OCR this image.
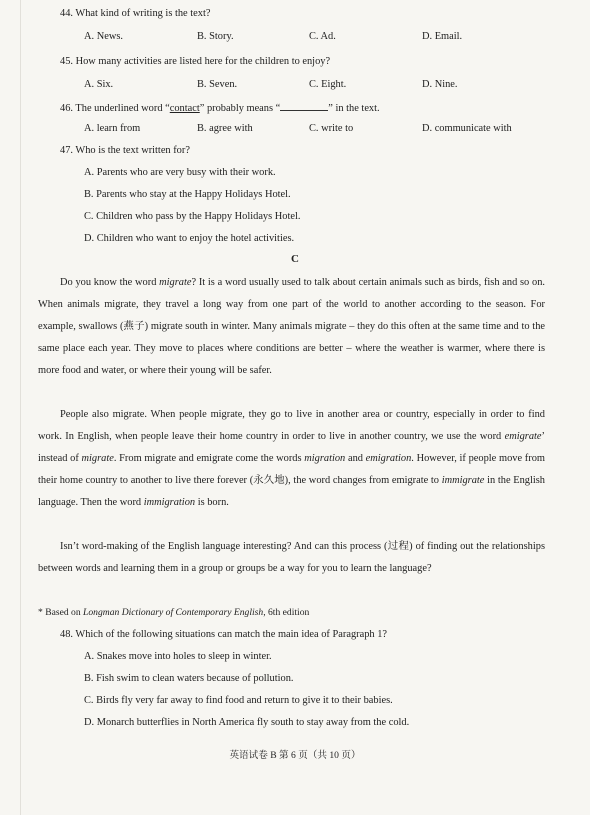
44. What kind of writing is the text?
A. News.	B. Story.	C. Ad.	D. Email.
45. How many activities are listed here for the children to enjoy?
A. Six.	B. Seven.	C. Eight.	D. Nine.
46. The underlined word “contact” probably means “	” in the text.
A. learn from	B. agree with	C. write to	D. communicate with
47. Who is the text written for?
A. Parents who are very busy with their work.
B. Parents who stay at the Happy Holidays Hotel.
C. Children who pass by the Happy Holidays Hotel.
D. Children who want to enjoy the hotel activities.
C
Do you know the word migrate? It is a word usually used to talk about certain animals such as birds, fish and so on. When animals migrate, they travel a long way from one part of the world to another according to the season. For example, swallows (燕子) migrate south in winter. Many animals migrate – they do this often at the same time and to the same place each year. They move to places where conditions are better – where the weather is warmer, where there is more food and water, or where their young will be safer.
People also migrate. When people migrate, they go to live in another area or country, especially in order to find work. In English, when people leave their home country in order to live in another country, we use the word emigrate’ instead of migrate. From migrate and emigrate come the words migration and emigration. However, if people move from their home country to another to live there forever (永久地), the word changes from emigrate to immigrate in the English language. Then the word immigration is born.
Isn’t word-making of the English language interesting? And can this process (过程) of finding out the relationships between words and learning them in a group or groups be a way for you to learn the language?
* Based on Longman Dictionary of Contemporary English, 6th edition
48. Which of the following situations can match the main idea of Paragraph 1?
A. Snakes move into holes to sleep in winter.
B. Fish swim to clean waters because of pollution.
C. Birds fly very far away to find food and return to give it to their babies.
D. Monarch butterflies in North America fly south to stay away from the cold.
英语试卷 B 第 6 页（共 10 页）
